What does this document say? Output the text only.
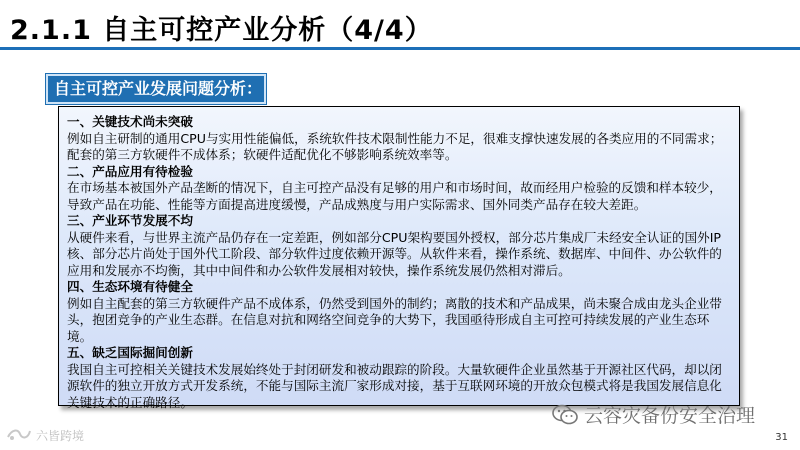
2.1.1 自主可控产业分析（4/4）
自主可控产业发展问题分析：
一、关键技术尚未突破

例如自主研制的通用CPU与实用性能偏低，系统软件技术限制性能力不足，很难支撑快速发展的各类应用的不同需求；配套的第三方软硬件不成体系；软硬件适配优化不够影响系统效率等。

二、产品应用有待检验

在市场基本被国外产品垄断的情况下，自主可控产品没有足够的用户和市场时间，故而经用户检验的反馈和样本较少，导致产品在功能、性能等方面提高进度缓慢，产品成熟度与用户实际需求、国外同类产品存在较大差距。

三、产业环节发展不均

从硬件来看，与世界主流产品仍存在一定差距，例如部分CPU架构要国外授权，部分芯片集成厂未经安全认证的国外IP核、部分芯片尚处于国外代工阶段、部分软件过度依赖开源等。从软件来看，操作系统、数据库、中间件、办公软件的应用和发展亦不均衡，其中中间件和办公软件发展相对较快，操作系统发展仍然相对滞后。

四、生态环境有待健全

例如自主配套的第三方软硬件产品不成体系，仍然受到国外的制约；离散的技术和产品成果，尚未聚合成由龙头企业带头，抱团竞争的产业生态群。在信息对抗和网络空间竞争的大势下，我国亟待形成自主可控可持续发展的产业生态环境。

五、缺乏国际掘间创新

我国自主可控相关关键技术发展始终处于封闭研发和被动跟踪的阶段。大量软硬件企业虽然基于开源社区代码，却以闭源软件的独立开放方式开发系统，不能与国际主流厂家形成对接，基于互联网环境的开放众包模式将是我国发展信息化关键技术的正确路径。

云容灾备份安全治理
六皆跨境	31
